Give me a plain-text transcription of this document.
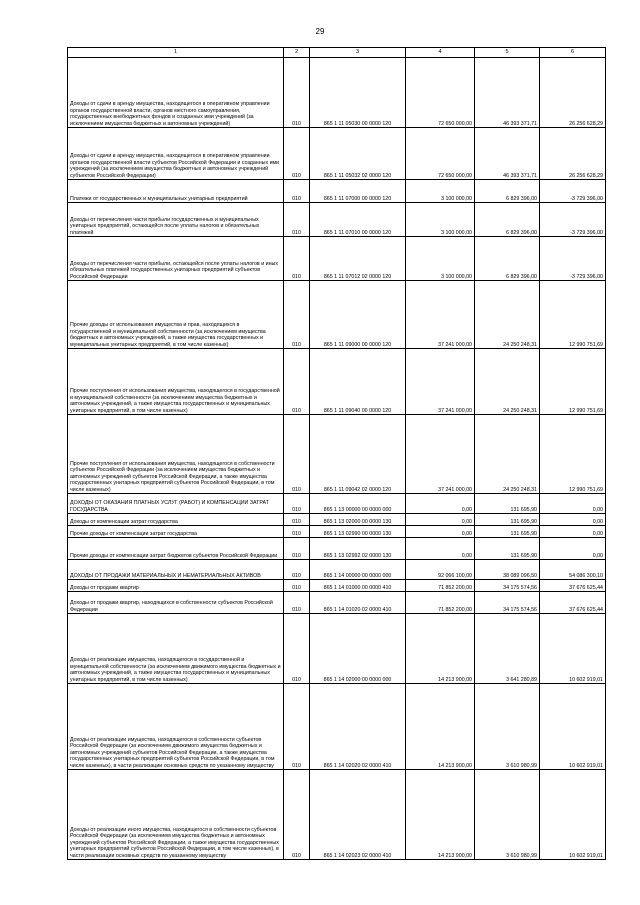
29
1	2	3	4	5	6
Доходы от сдачи в аренду имущества, находящегося в оперативном управлении органов государственной власти, органов местного самоуправления, государственных внебюджетных фондов и созданных ими учреждений (за исключением имущества бюджетных и автономных учреждений)	010	865 1 11 05030 00 0000 120	72 650 000,00	46 393 371,71	26 256 628,29
Доходы от сдачи в аренду имущества, находящегося в оперативном управлении органов государственной власти субъектов Российской Федерации и созданных ими учреждений (за исключением имущества бюджетных и автономных учреждений субъектов Российской Федерации)	010	865 1 11 05032 02 0000 120	72 650 000,00	46 393 371,71	26 256 628,29
Платежи от государственных и муниципальных унитарных предприятий	010	865 1 11 07000 00 0000 120	3 100 000,00	6 829 396,00	-3 729 396,00
Доходы от перечисления части прибыли государственных и муниципальных унитарных предприятий, остающейся после уплаты налогов и обязательных платежей	010	865 1 11 07010 00 0000 120	3 100 000,00	6 829 396,00	-3 729 396,00
Доходы от перечисления части прибыли, остающейся после уплаты налогов и иных обязательных платежей государственных унитарных предприятий субъектов Российской Федерации	010	865 1 11 07012 02 0000 120	3 100 000,00	6 829 396,00	-3 729 396,00
Прочие доходы от использования имущества и прав, находящихся в государственной и муниципальной собственности (за исключением имущества бюджетных и автономных учреждений, а также имущества государственных и муниципальных унитарных предприятий, в том числе казенных)	010	865 1 11 09000 00 0000 120	37 241 000,00	24 250 248,31	12 990 751,69
Прочие поступления от использования имущества, находящегося в государственной и муниципальной собственности (за исключением имущества бюджетных и автономных учреждений, а также имущества государственных и муниципальных унитарных предприятий, в том числе казенных)	010	865 1 11 09040 00 0000 120	37 241 000,00	24 250 248,31	12 990 751,69
Прочие поступления от использования имущества, находящегося в собственности субъектов Российской Федерации (за исключением имущества бюджетных и автономных учреждений субъектов Российской Федерации, а также имущества государственных унитарных предприятий субъектов Российской Федерации, в том числе казенных)	010	865 1 11 09042 02 0000 120	37 241 000,00	24 250 248,31	12 990 751,69
ДОХОДЫ ОТ ОКАЗАНИЯ ПЛАТНЫХ УСЛУГ (РАБОТ) И КОМПЕНСАЦИИ ЗАТРАТ ГОСУДАРСТВА	010	865 1 13 00000 00 0000 000	0,00	131 695,90	0,00
Доходы от компенсации затрат государства	010	865 1 13 02000 00 0000 130	0,00	131 695,90	0,00
Прочие доходы от компенсации затрат государства	010	865 1 13 02990 00 0000 130	0,00	131 695,90	0,00
Прочие доходы от компенсации затрат бюджетов субъектов Российской Федерации	010	865 1 13 02992 02 0000 130	0,00	131 695,90	0,00
ДОХОДЫ ОТ ПРОДАЖИ МАТЕРИАЛЬНЫХ И НЕМАТЕРИАЛЬНЫХ АКТИВОВ	010	865 1 14 00000 00 0000 000	92 066 100,00	38 089 096,50	54 086 300,10
Доходы от продажи квартир	010	865 1 14 01000 00 0000 410	71 852 200,00	34 175 574,56	37 676 625,44
Доходы от продажи квартир, находящихся в собственности субъектов Российской Федерации	010	865 1 14 01020 02 0000 410	71 852 200,00	34 175 574,56	37 676 625,44
Доходы от реализации имущества, находящегося в государственной и муниципальной собственности (за исключением движимого имущества бюджетных и автономных учреждений, а также имущества государственных и муниципальных унитарных предприятий, в том числе казенных)	010	865 1 14 02000 00 0000 000	14 213 900,00	3 641 280,89	10 602 919,01
Доходы от реализации имущества, находящегося в собственности субъектов Российской Федерации (за исключением движимого имущества бюджетных и автономных учреждений субъектов Российской Федерации, а также имущества государственных унитарных предприятий субъектов Российской Федерации, в том числе казенных), в части реализации основных средств по указанному имуществу	010	865 1 14 02020 02 0000 410	14 213 900,00	3 610 980,99	10 602 919,01
Доходы от реализации иного имущества, находящегося в собственности субъектов Российской Федерации (за исключением имущества бюджетных и автономных учреждений субъектов Российской Федерации, а также имущества государственных унитарных предприятий субъектов Российской Федерации, в том числе казенных), в части реализации основных средств по указанному имуществу	010	865 1 14 02023 02 0000 410	14 213 900,00	3 610 980,99	10 602 919,01
